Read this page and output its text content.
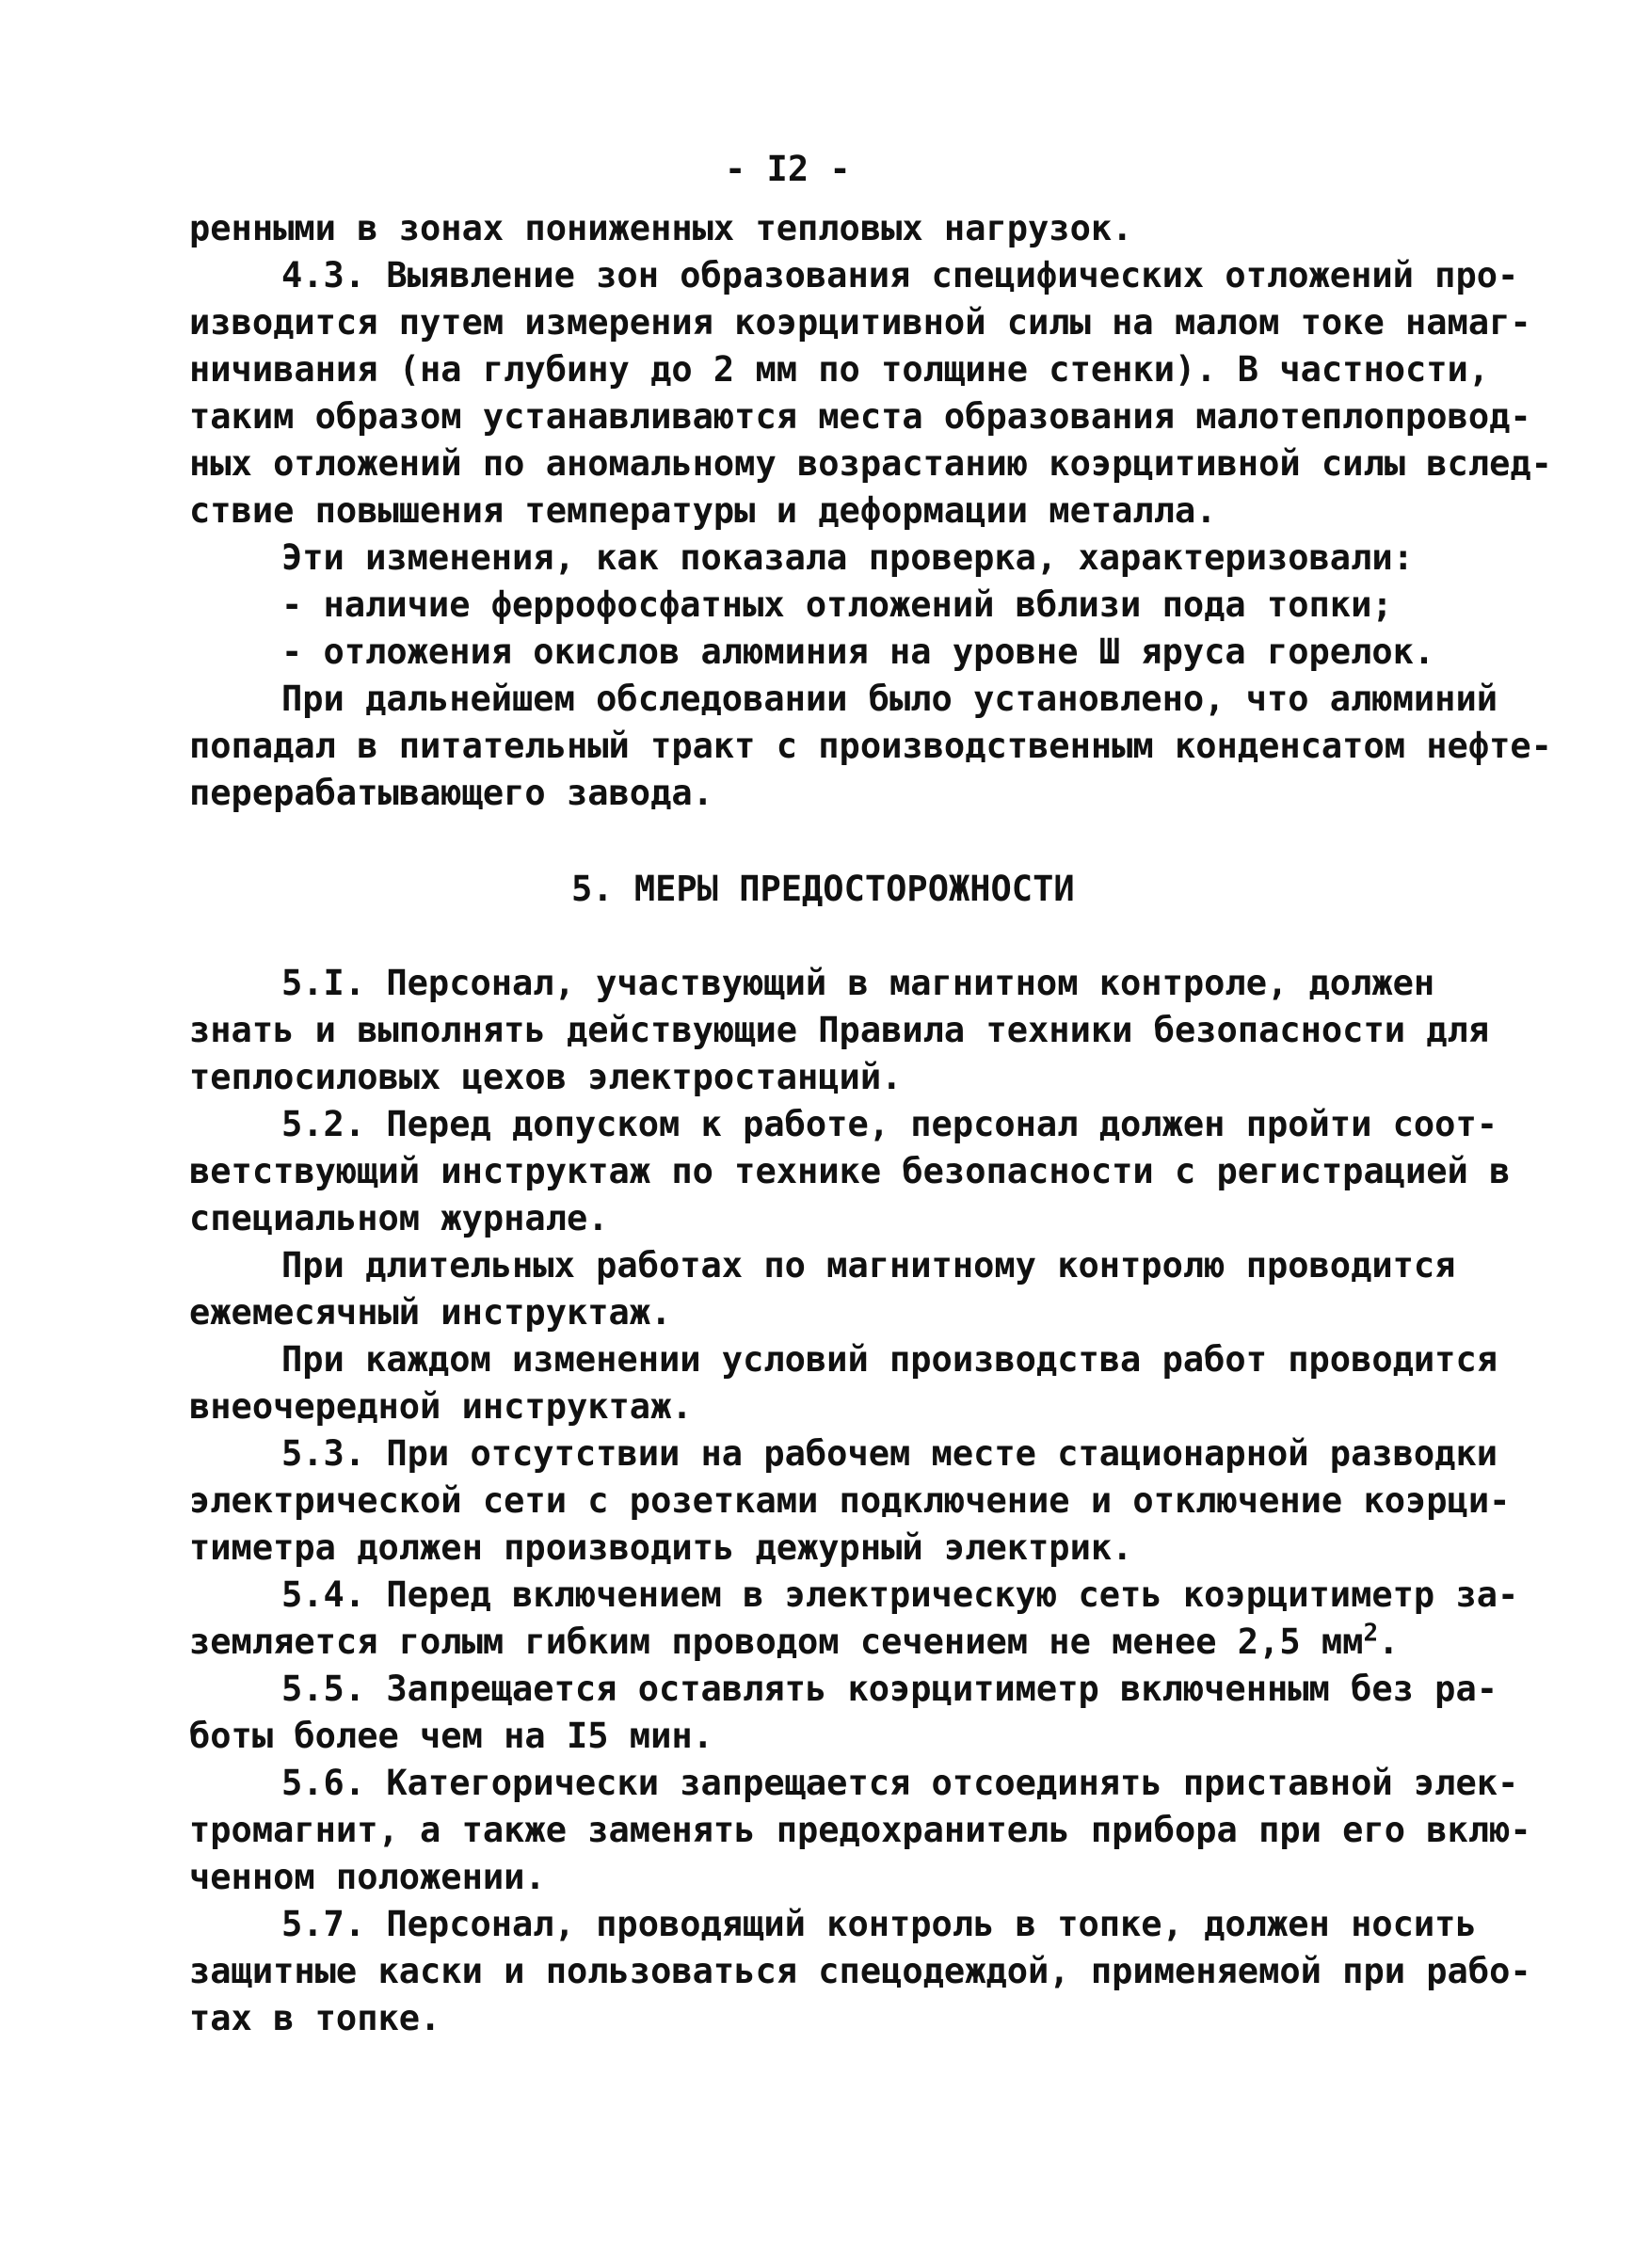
- I2 -
ренными в зонах пониженных тепловых нагрузок.
4.3. Выявление зон образования специфических отложений про-
изводится путем измерения коэрцитивной силы на малом токе намаг-
ничивания (на глубину до 2 мм по толщине стенки). В частности,
таким образом устанавливаются места образования малотеплопровод-
ных отложений по аномальному возрастанию коэрцитивной силы вслед-
ствие повышения температуры и деформации металла.
Эти изменения, как показала проверка, характеризовали:
- наличие феррофосфатных отложений вблизи пода топки;
- отложения окислов алюминия на уровне Ш яруса горелок.
При дальнейшем обследовании было установлено, что алюминий
попадал в питательный тракт с производственным конденсатом нефте-
перерабатывающего завода.
5. МЕРЫ ПРЕДОСТОРОЖНОСТИ
5.I. Персонал, участвующий в магнитном контроле, должен
знать и выполнять действующие Правила техники безопасности для
теплосиловых цехов электростанций.
5.2. Перед допуском к работе, персонал должен пройти соот-
ветствующий инструктаж по технике безопасности с регистрацией в
специальном журнале.
При длительных работах по магнитному контролю проводится
ежемесячный инструктаж.
При каждом изменении условий производства работ проводится
внеочередной инструктаж.
5.3. При отсутствии на рабочем месте стационарной разводки
электрической сети с розетками подключение и отключение коэрци-
тиметра должен производить дежурный электрик.
5.4. Перед включением в электрическую сеть коэрцитиметр за-
земляется голым гибким проводом сечением не менее 2,5 $мм^2$.
5.5. Запрещается оставлять коэрцитиметр включенным без ра-
боты более чем на I5 мин.
5.6. Категорически запрещается отсоединять приставной элек-
тромагнит, а также заменять предохранитель прибора при его вклю-
ченном положении.
5.7. Персонал, проводящий контроль в топке, должен носить
защитные каски и пользоваться спецодеждой, применяемой при рабо-
тах в топке.
